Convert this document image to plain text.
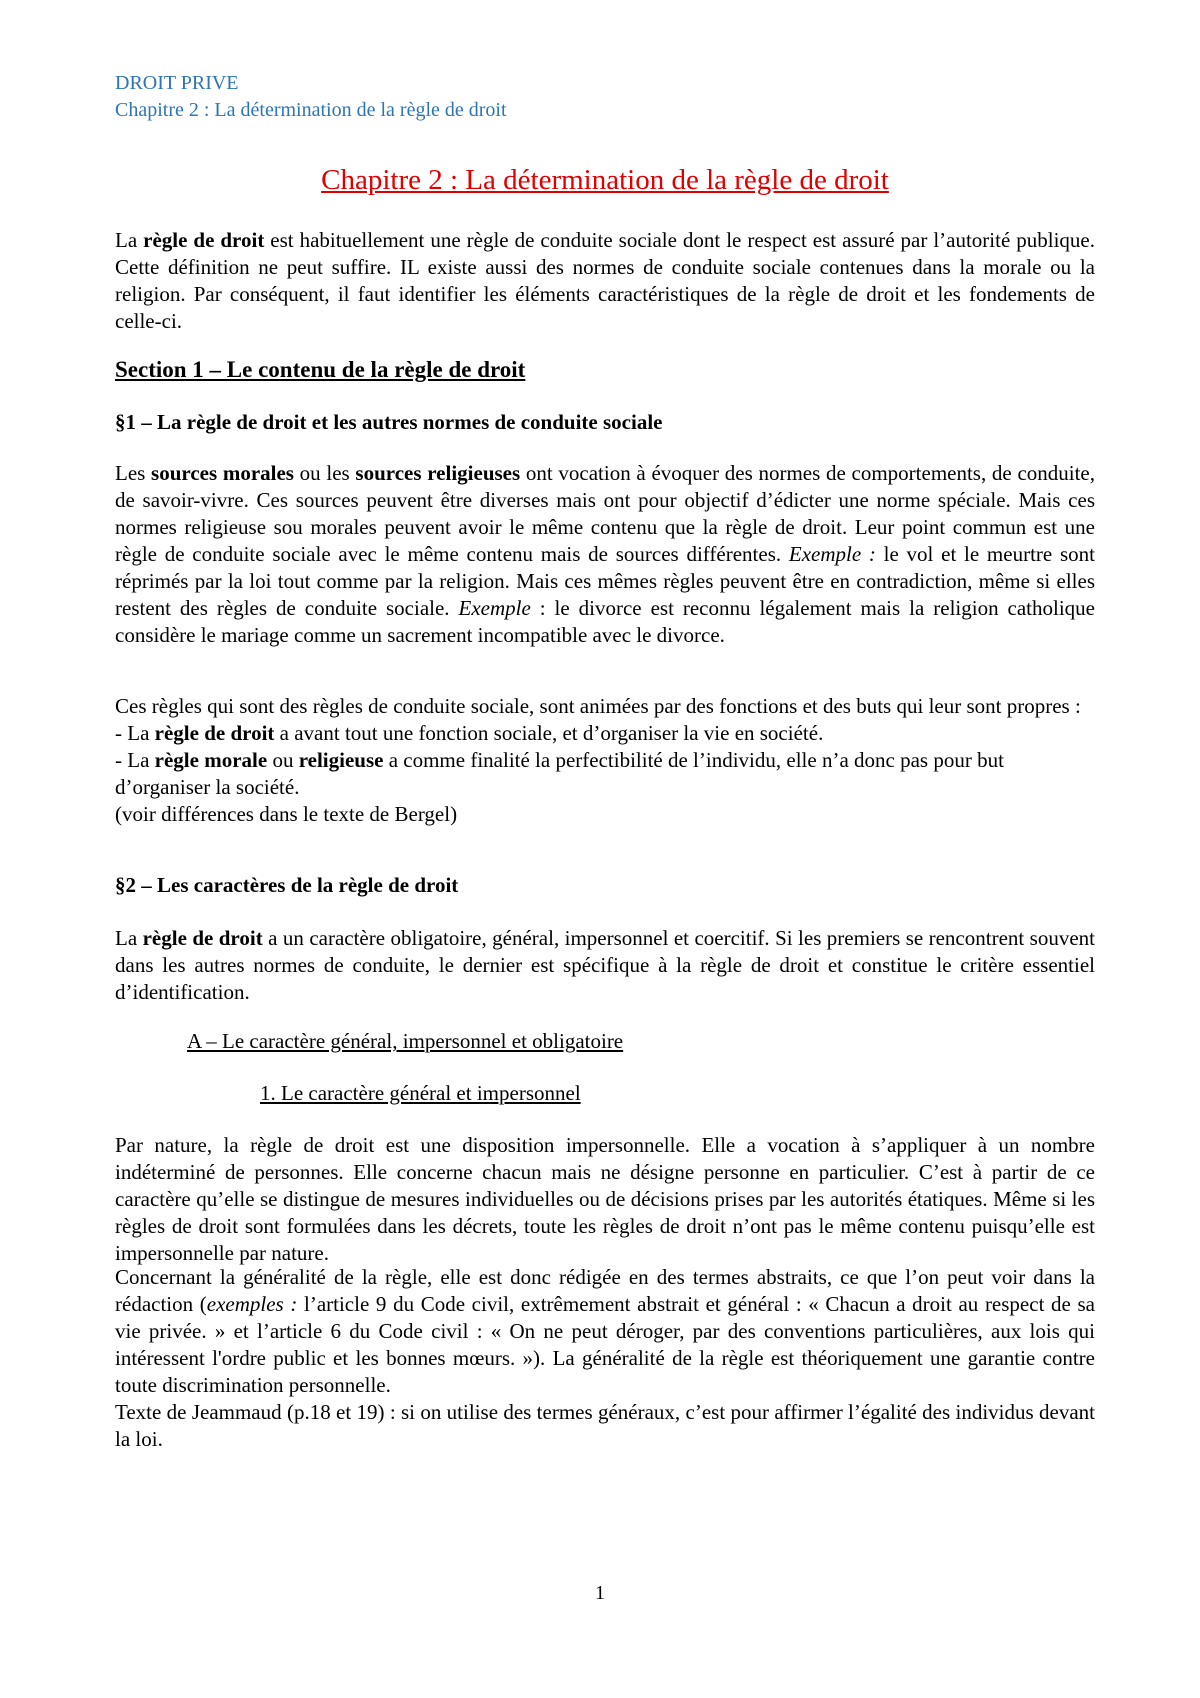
DROIT PRIVE
Chapitre 2 : La détermination de la règle de droit
Chapitre 2 : La détermination de la règle de droit

La règle de droit est habituellement une règle de conduite sociale dont le respect est assuré par l’autorité publique. Cette définition ne peut suffire. IL existe aussi des normes de conduite sociale contenues dans la morale ou la religion. Par conséquent, il faut identifier les éléments caractéristiques de la règle de droit et les fondements de celle-ci.

Section 1 – Le contenu de la règle de droit
§1 – La règle de droit et les autres normes de conduite sociale

Les sources morales ou les sources religieuses ont vocation à évoquer des normes de comportements, de conduite, de savoir-vivre. Ces sources peuvent être diverses mais ont pour objectif d’édicter une norme spéciale. Mais ces normes religieuse sou morales peuvent avoir le même contenu que la règle de droit. Leur point commun est une règle de conduite sociale avec le même contenu mais de sources différentes. Exemple : le vol et le meurtre sont réprimés par la loi tout comme par la religion. Mais ces mêmes règles peuvent être en contradiction, même si elles restent des règles de conduite sociale. Exemple : le divorce est reconnu légalement mais la religion catholique considère le mariage comme un sacrement incompatible avec le divorce.

Ces règles qui sont des règles de conduite sociale, sont animées par des fonctions et des buts qui leur sont propres :

- La règle de droit a avant tout une fonction sociale, et d’organiser la vie en société.

- La règle morale ou religieuse a comme finalité la perfectibilité de l’individu, elle n’a donc pas pour but d’organiser la société.

(voir différences dans le texte de Bergel)

§2 – Les caractères de la règle de droit

La règle de droit a un caractère obligatoire, général, impersonnel et coercitif. Si les premiers se rencontrent souvent dans les autres normes de conduite, le dernier est spécifique à la règle de droit et constitue le critère essentiel d’identification.

A – Le caractère général, impersonnel et obligatoire
1. Le caractère général et impersonnel

Par nature, la règle de droit est une disposition impersonnelle. Elle a vocation à s’appliquer à un nombre indéterminé de personnes. Elle concerne chacun mais ne désigne personne en particulier. C’est à partir de ce caractère qu’elle se distingue de mesures individuelles ou de décisions prises par les autorités étatiques. Même si les règles de droit sont formulées dans les décrets, toute les règles de droit n’ont pas le même contenu puisqu’elle est impersonnelle par nature.

Concernant la généralité de la règle, elle est donc rédigée en des termes abstraits, ce que l’on peut voir dans la rédaction (exemples : l’article 9 du Code civil, extrêmement abstrait et général : « Chacun a droit au respect de sa vie privée. » et l’article 6 du Code civil : « On ne peut déroger, par des conventions particulières, aux lois qui intéressent l'ordre public et les bonnes mœurs. »). La généralité de la règle est théoriquement une garantie contre toute discrimination personnelle.

Texte de Jeammaud (p.18 et 19) : si on utilise des termes généraux, c’est pour affirmer l’égalité des individus devant la loi.

1
